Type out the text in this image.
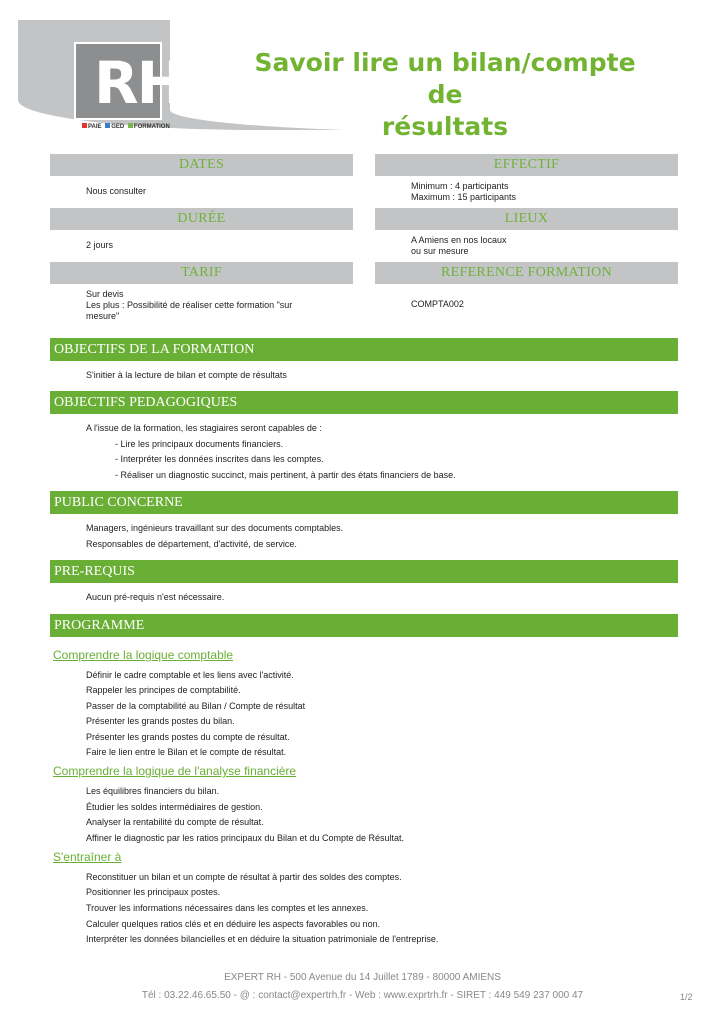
RH
PAIE GED FORMATION
Savoir lire un bilan/compte de
résultats
DATES
Nous consulter
EFFECTIF
Minimum : 4 participants
Maximum : 15 participants
DURÉE
2 jours
LIEUX
A Amiens en nos locaux
ou sur mesure
TARIF
Sur devis
Les plus : Possibilité de réaliser cette formation "sur
mesure"
REFERENCE FORMATION
COMPTA002
OBJECTIFS DE LA FORMATION
S'initier à la lecture de bilan et compte de résultats
OBJECTIFS PEDAGOGIQUES
A l'issue de la formation, les stagiaires seront capables de :
- Lire les principaux documents financiers.
- Interpréter les données inscrites dans les comptes.
- Réaliser un diagnostic succinct, mais pertinent, à partir des états financiers de base.
PUBLIC CONCERNE
Managers, ingénieurs travaillant sur des documents comptables.
Responsables de département, d'activité, de service.
PRE-REQUIS
Aucun pré-requis n'est nécessaire.
PROGRAMME
Comprendre la logique comptable
Définir le cadre comptable et les liens avec l'activité.
Rappeler les principes de comptabilité.
Passer de la comptabilité au Bilan / Compte de résultat
Présenter les grands postes du bilan.
Présenter les grands postes du compte de résultat.
Faire le lien entre le Bilan et le compte de résultat.
Comprendre la logique de l'analyse financière
Les équilibres financiers du bilan.
Étudier les soldes intermédiaires de gestion.
Analyser la rentabilité du compte de résultat.
Affiner le diagnostic par les ratios principaux du Bilan et du Compte de Résultat.
S'entraîner à
Reconstituer un bilan et un compte de résultat à partir des soldes des comptes.
Positionner les principaux postes.
Trouver les informations nécessaires dans les comptes et les annexes.
Calculer quelques ratios clés et en déduire les aspects favorables ou non.
Interpréter les données bilancielles et en déduire la situation patrimoniale de l'entreprise.
EXPERT RH - 500 Avenue du 14 Juillet 1789 - 80000 AMIENS
Tél : 03.22.46.65.50 - @ : contact@expertrh.fr - Web : www.exprtrh.fr - SIRET : 449 549 237 000 47	1/2
